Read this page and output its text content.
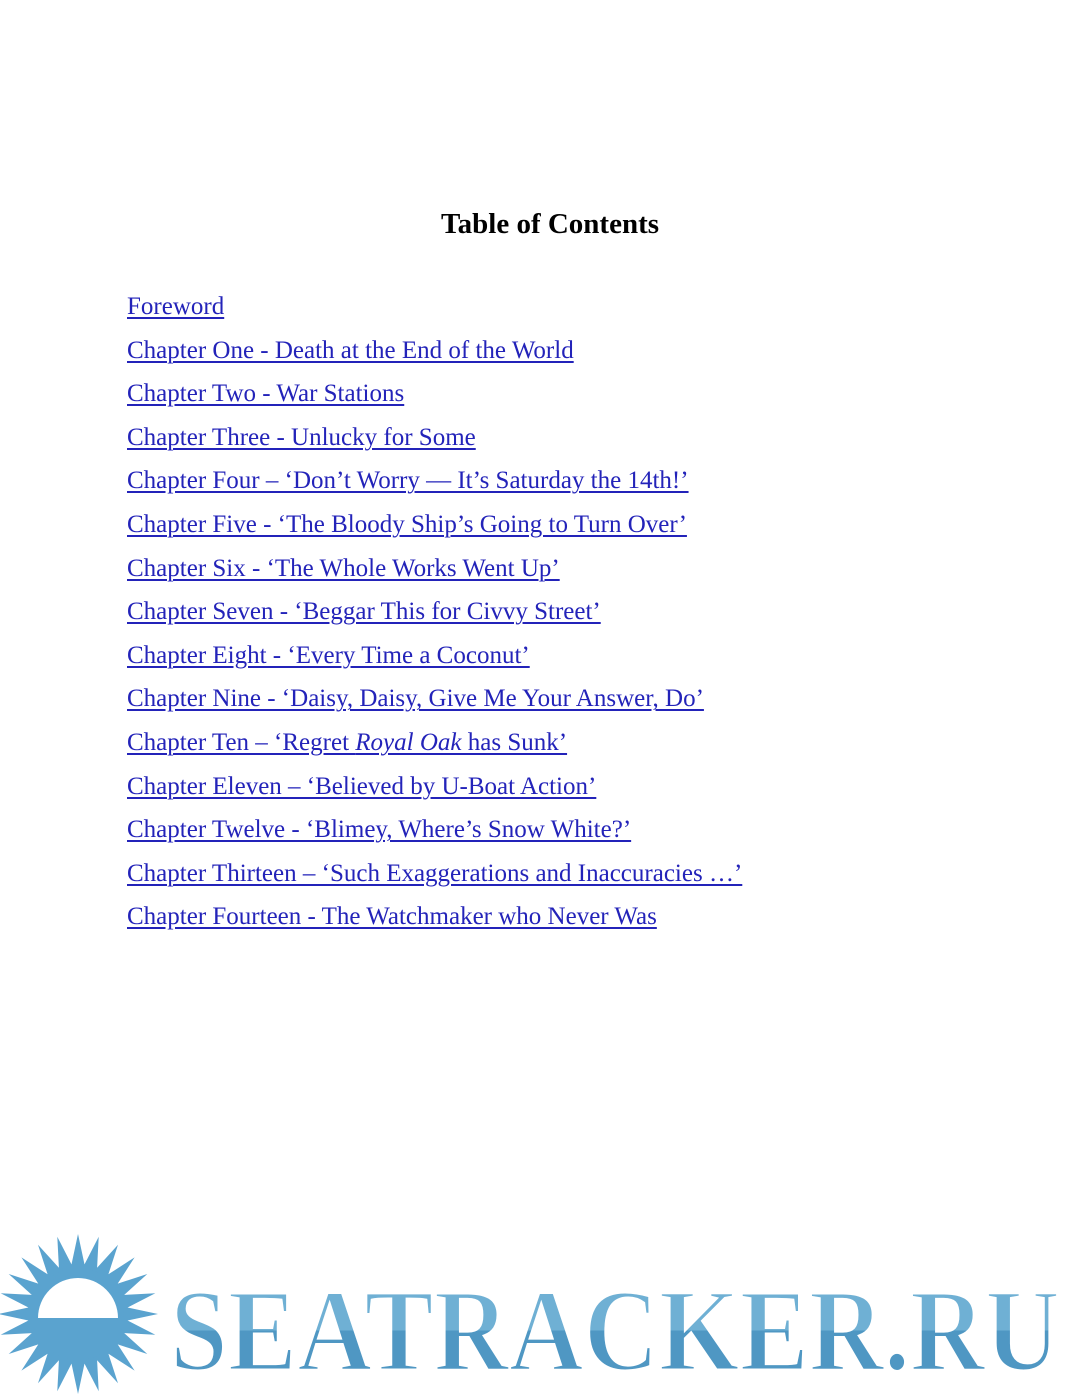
Table of Contents
Foreword
Chapter One - Death at the End of the World
Chapter Two - War Stations
Chapter Three - Unlucky for Some
Chapter Four – ‘Don’t Worry — It’s Saturday the 14th!’
Chapter Five - ‘The Bloody Ship’s Going to Turn Over’
Chapter Six - ‘The Whole Works Went Up’
Chapter Seven - ‘Beggar This for Civvy Street’
Chapter Eight - ‘Every Time a Coconut’
Chapter Nine - ‘Daisy, Daisy, Give Me Your Answer, Do’
Chapter Ten – ‘Regret Royal Oak has Sunk’
Chapter Eleven – ‘Believed by U-Boat Action’
Chapter Twelve - ‘Blimey, Where’s Snow White?’
Chapter Thirteen – ‘Such Exaggerations and Inaccuracies …’
Chapter Fourteen - The Watchmaker who Never Was
SEATRACKER.RU
